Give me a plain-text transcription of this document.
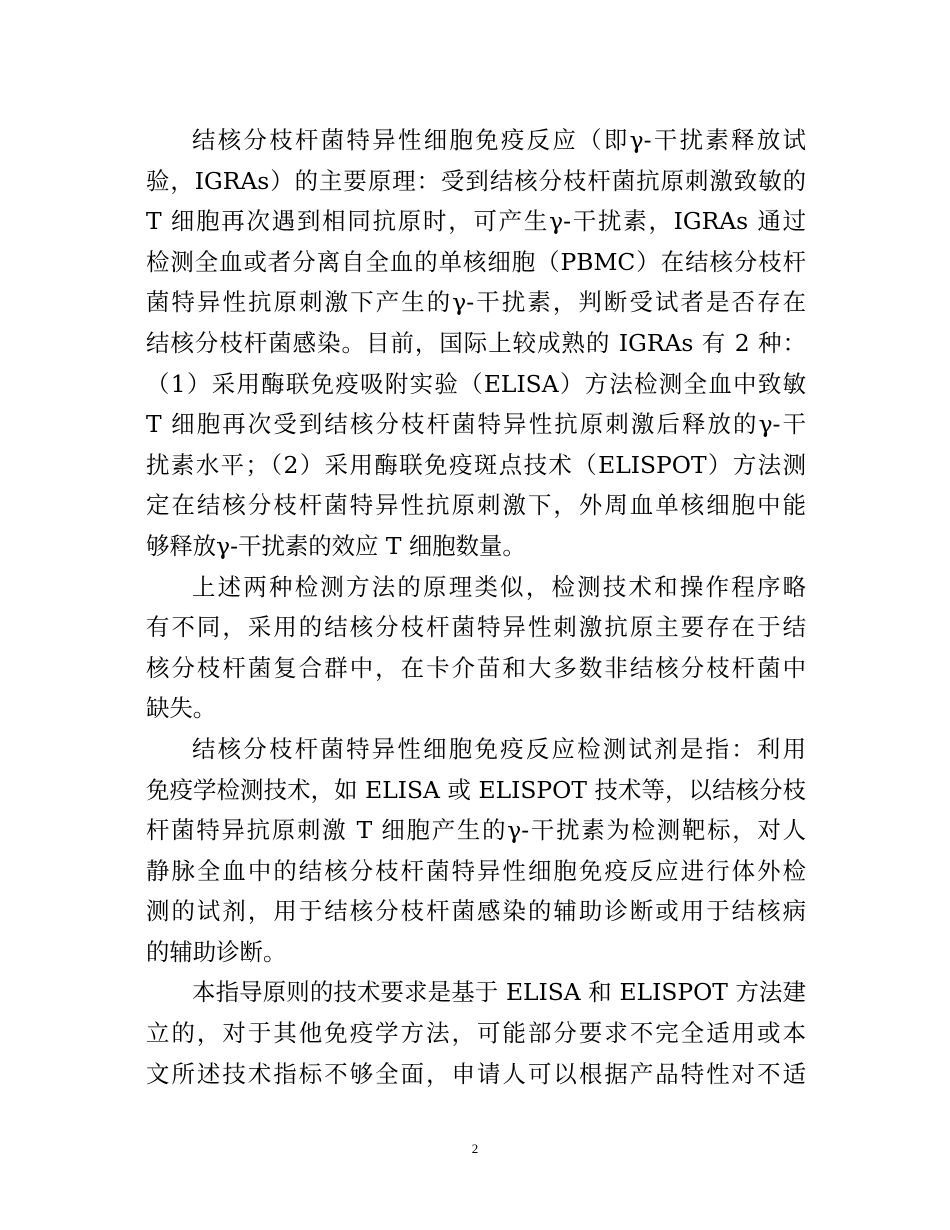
结核分枝杆菌特异性细胞免疫反应（即γ-干扰素释放试
验，IGRAs）的主要原理：受到结核分枝杆菌抗原刺激致敏的
T 细胞再次遇到相同抗原时，可产生γ-干扰素，IGRAs 通过
检测全血或者分离自全血的单核细胞（PBMC）在结核分枝杆
菌特异性抗原刺激下产生的γ-干扰素，判断受试者是否存在
结核分枝杆菌感染。目前，国际上较成熟的 IGRAs 有 2 种：
（1）采用酶联免疫吸附实验（ELISA）方法检测全血中致敏
T 细胞再次受到结核分枝杆菌特异性抗原刺激后释放的γ-干
扰素水平；（2）采用酶联免疫斑点技术（ELISPOT）方法测
定在结核分枝杆菌特异性抗原刺激下，外周血单核细胞中能
够释放γ-干扰素的效应 T 细胞数量。
上述两种检测方法的原理类似，检测技术和操作程序略
有不同，采用的结核分枝杆菌特异性刺激抗原主要存在于结
核分枝杆菌复合群中，在卡介苗和大多数非结核分枝杆菌中
缺失。
结核分枝杆菌特异性细胞免疫反应检测试剂是指：利用
免疫学检测技术，如 ELISA 或 ELISPOT 技术等，以结核分枝
杆菌特异抗原刺激 T 细胞产生的γ-干扰素为检测靶标，对人
静脉全血中的结核分枝杆菌特异性细胞免疫反应进行体外检
测的试剂，用于结核分枝杆菌感染的辅助诊断或用于结核病
的辅助诊断。
本指导原则的技术要求是基于 ELISA 和 ELISPOT 方法建
立的，对于其他免疫学方法，可能部分要求不完全适用或本
文所述技术指标不够全面，申请人可以根据产品特性对不适
2
